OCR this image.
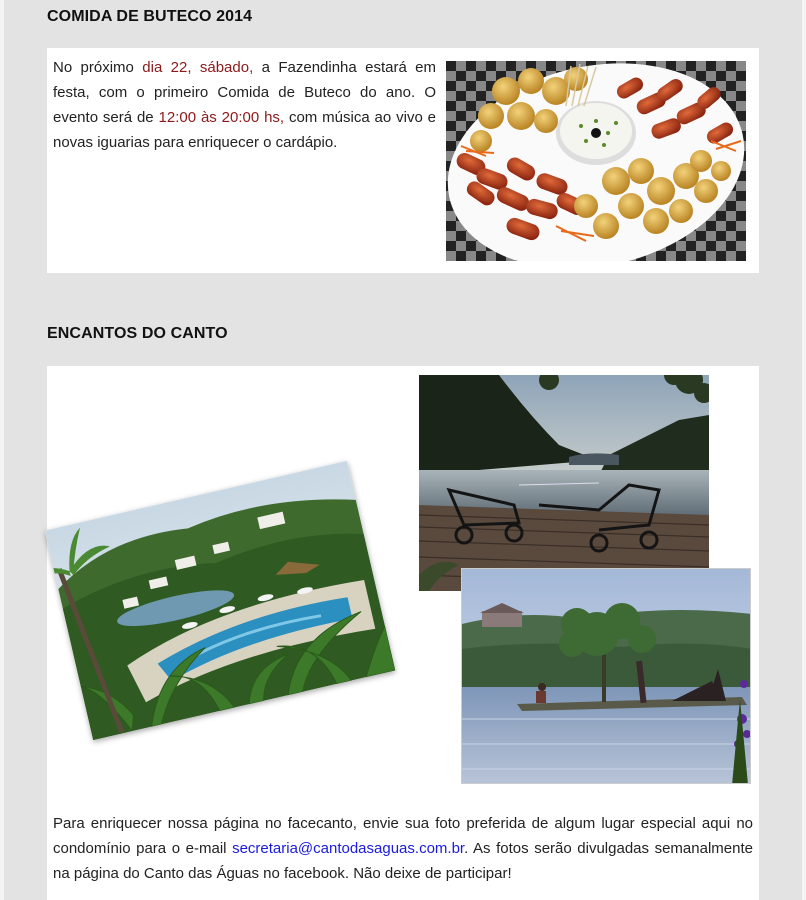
COMIDA DE BUTECO 2014
No próximo dia 22, sábado, a Fazendinha estará em festa, com o primeiro Comida de Buteco do ano. O evento será de 12:00 às 20:00 hs, com música ao vivo e novas iguarias para enriquecer o cardápio.
ENCANTOS DO CANTO
Para enriquecer nossa página no facecanto, envie sua foto preferida de algum lugar especial aqui no condomínio para o e-mail secretaria@cantodasaguas.com.br. As fotos serão divulgadas semanalmente na página do Canto das Águas no facebook. Não deixe de participar!
